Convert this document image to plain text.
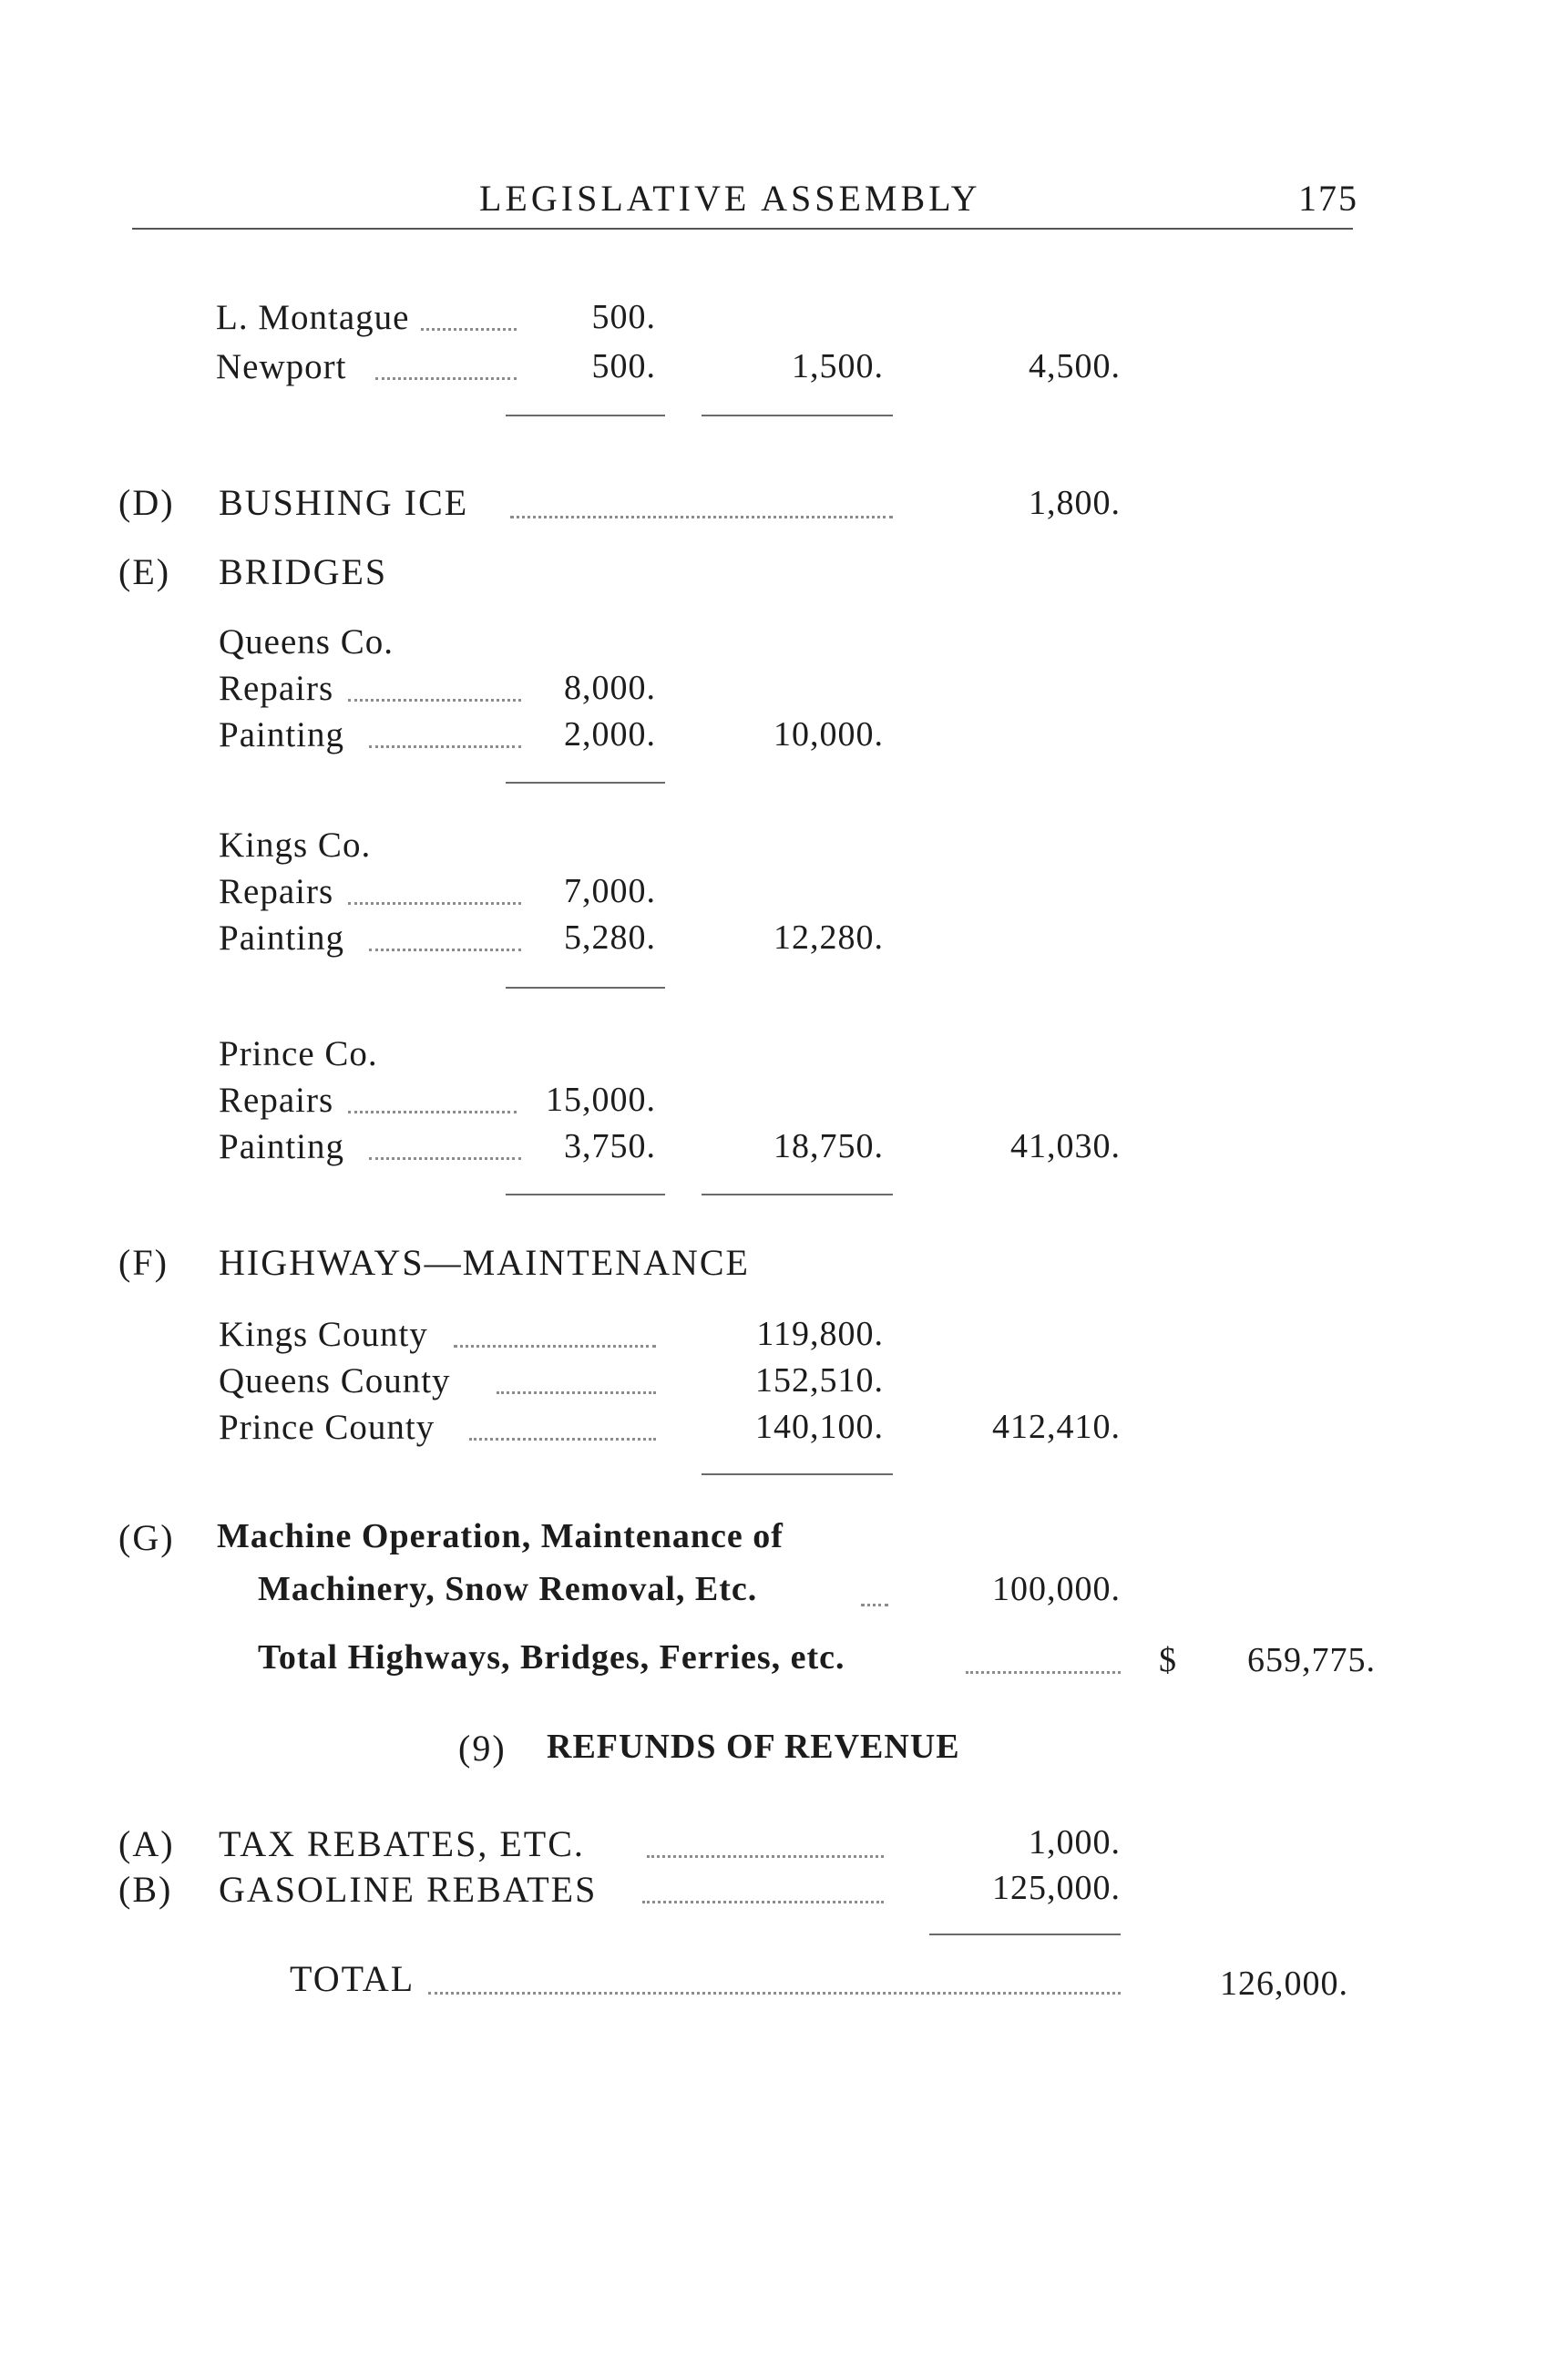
LEGISLATIVE ASSEMBLY	175
L. Montague	500.
Newport	500.	1,500.	4,500.
(D) BUSHING ICE	1,800.
(E) BRIDGES
Queens Co.
Repairs	8,000.
Painting	2,000.	10,000.
Kings Co.
Repairs	7,000.
Painting	5,280.	12,280.
Prince Co.
Repairs	15,000.
Painting	3,750.	18,750.	41,030.
(F) HIGHWAYS—MAINTENANCE
Kings County	119,800.
Queens County	152,510.
Prince County	140,100.	412,410.
(G) Machine Operation, Maintenance of
Machinery, Snow Removal, Etc.	100,000.
Total Highways, Bridges, Ferries, etc.	$	659,775.
(9) REFUNDS OF REVENUE
(A) TAX REBATES, ETC.	1,000.
(B) GASOLINE REBATES	125,000.
TOTAL	126,000.
